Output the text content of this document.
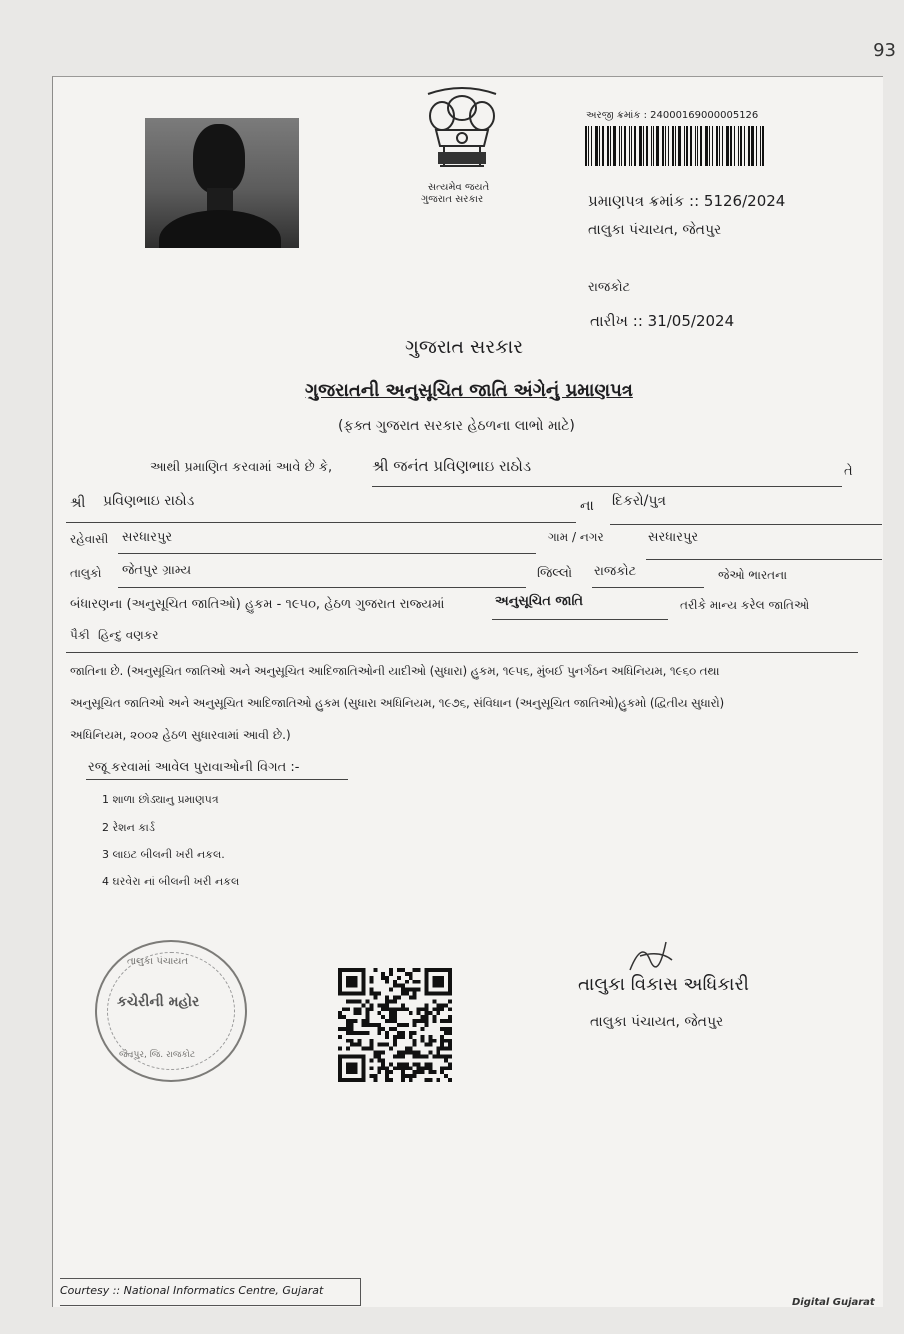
93
સત્યમેવ જયતે
ગુજરાત સરકાર
અરજી ક્રમાંક : 24000169000005126
પ્રમાણપત્ર ક્રમાંક :: 5126/2024
તાલુકા પંચાયત, જેતપુર
રાજકોટ
તારીખ :: 31/05/2024
ગુજરાત સરકાર
ગુજરાતની અનુસૂચિત જાતિ અંગેનું પ્રમાણપત્ર
(ફક્ત ગુજરાત સરકાર હેઠળના લાભો માટે)
આથી પ્રમાણિત કરવામાં આવે છે કે,	શ્રી જનંત પ્રવિણભાઇ રાઠોડ	તે
શ્રી પ્રવિણભાઇ રાઠોડ	ના દિકરો/પુત્ર
રહેવાસી સરધારપુર	ગામ / નગર	સરધારપુર
તાલુકો જેતપુર ગ્રામ્ય	જિલ્લો રાજકોટ	જેઓ ભારતના
બંધારણના (અનુસૂચિત જાતિઓ) હુકમ - ૧૯૫૦, હેઠળ ગુજરાત રાજ્યમાં	અનુસૂચિત જાતિ	તરીકે માન્ય કરેલ જાતિઓ
પૈકી હિન્દુ વણકર
જાતિના છે. (અનુસૂચિત જાતિઓ અને અનુસૂચિત આદિજાતિઓની યાદીઓ (સુધારા) હુકમ, ૧૯૫૬, મુંબઈ પુનર્ગઠન અધિનિયમ, ૧૯૬૦ તથા
અનુસૂચિત જાતિઓ અને અનુસૂચિત આદિજાતિઓ હુકમ (સુધારા અધિનિયમ, ૧૯૭૬, સંવિધાન (અનુસૂચિત જાતિઓ)હુકમો (દ્વિતીય સુધારો)
અધિનિયમ, ૨૦૦૨ હેઠળ સુધારવામાં આવી છે.)
રજૂ કરવામાં આવેલ પુરાવાઓની વિગત :-
1 શાળા છોડ્યાનુ પ્રમાણપત્ર
2 રેશન કાર્ડ
3 લાઇટ બીલની ખરી નકલ.
4 ઘરવેરા નાં બીલની ખરી નકલ
તાલુકા પંચાયત
કચેરીની મહોર
જેતપુર, જિ. રાજકોટ
તાલુકા વિકાસ અધિકારી
તાલુકા પંચાયત, જેતપુર
Courtesy :: National Informatics Centre, Gujarat
Digital Gujarat
